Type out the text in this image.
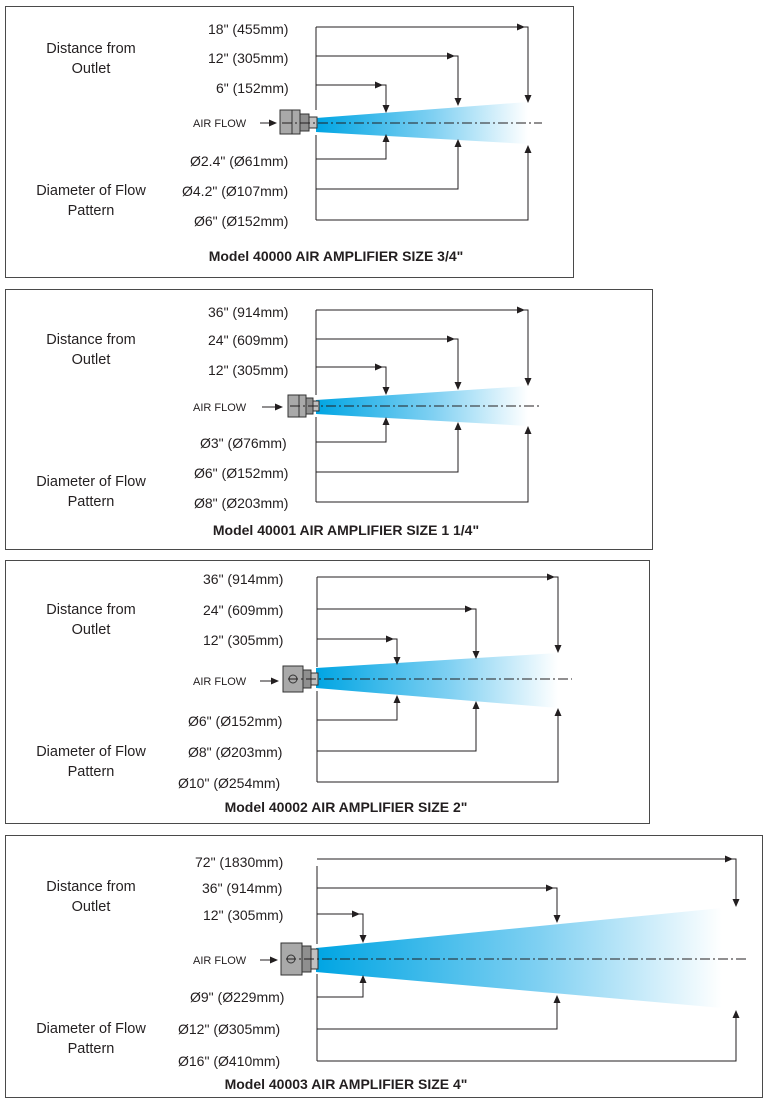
Distance from
Outlet
Diameter of Flow
Pattern
18" (455mm)
12" (305mm)
6" (152mm)
Ø2.4" (Ø61mm)
Ø4.2" (Ø107mm)
Ø6" (Ø152mm)
AIR FLOW
Model 40000 AIR AMPLIFIER SIZE 3/4"
Distance from
Outlet
Diameter of Flow
Pattern
36" (914mm)
24" (609mm)
12" (305mm)
Ø3" (Ø76mm)
Ø6" (Ø152mm)
Ø8" (Ø203mm)
AIR FLOW
Model 40001 AIR AMPLIFIER SIZE 1 1/4"
Distance from
Outlet
Diameter of Flow
Pattern
36" (914mm)
24" (609mm)
12" (305mm)
Ø6" (Ø152mm)
Ø8" (Ø203mm)
Ø10" (Ø254mm)
AIR FLOW
Model 40002 AIR AMPLIFIER SIZE 2"
Distance from
Outlet
Diameter of Flow
Pattern
72" (1830mm)
36" (914mm)
12" (305mm)
Ø9" (Ø229mm)
Ø12" (Ø305mm)
Ø16" (Ø410mm)
AIR FLOW
Model 40003 AIR AMPLIFIER SIZE 4"
